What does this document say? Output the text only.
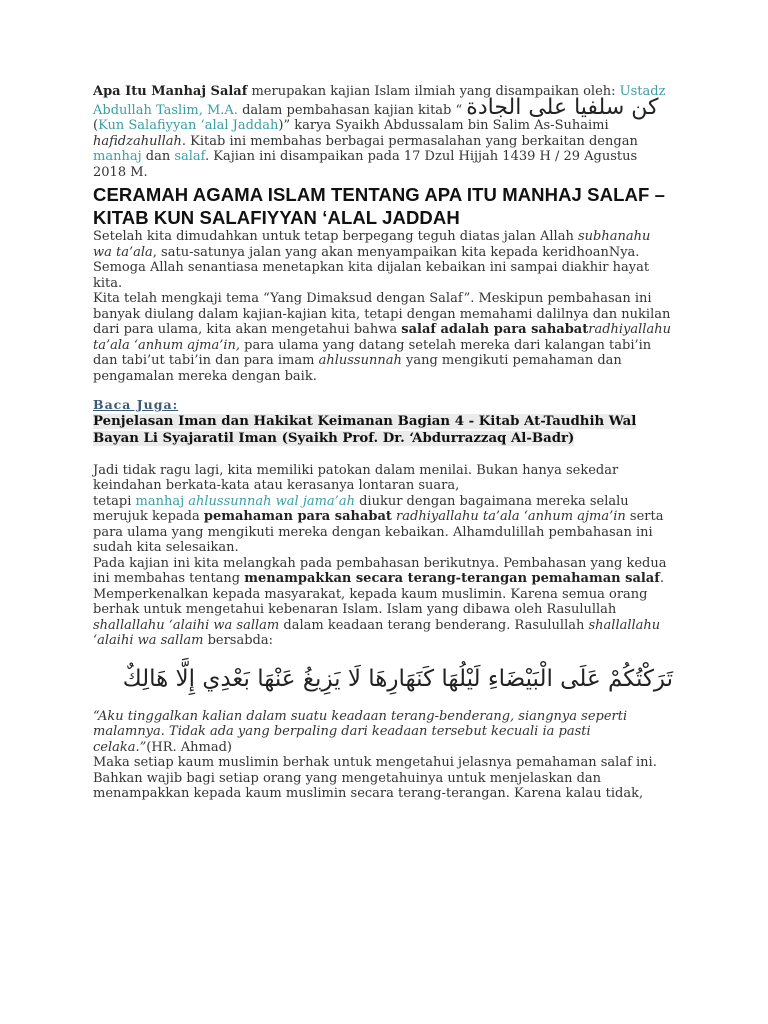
Apa Itu Manhaj Salaf merupakan kajian Islam ilmiah yang disampaikan oleh: Ustadz Abdullah Taslim, M.A. dalam pembahasan kajian kitab “ كن سلفيا على الجادة (Kun Salafiyyan ‘alal Jaddah)” karya Syaikh Abdussalam bin Salim As-Suhaimi hafidzahullah. Kitab ini membahas berbagai permasalahan yang berkaitan dengan manhaj dan salaf. Kajian ini disampaikan pada 17 Dzul Hijjah 1439 H / 29 Agustus 2018 M.

CERAMAH AGAMA ISLAM TENTANG APA ITU MANHAJ SALAF – KITAB KUN SALAFIYYAN ‘ALAL JADDAH

Setelah kita dimudahkan untuk tetap berpegang teguh diatas jalan Allah subhanahu wa ta’ala, satu-satunya jalan yang akan menyampaikan kita kepada keridhoanNya. Semoga Allah senantiasa menetapkan kita dijalan kebaikan ini sampai diakhir hayat kita.

Kita telah mengkaji tema “Yang Dimaksud dengan Salaf”. Meskipun pembahasan ini banyak diulang dalam kajian-kajian kita, tetapi dengan memahami dalilnya dan nukilan dari para ulama, kita akan mengetahui bahwa salaf adalah para sahabatradhiyallahu ta’ala ‘anhum ajma’in, para ulama yang datang setelah mereka dari kalangan tabi’in dan tabi’ut tabi’in dan para imam ahlussunnah yang mengikuti pemahaman dan pengamalan mereka dengan baik.

Baca Juga:
Penjelasan Iman dan Hakikat Keimanan Bagian 4 - Kitab At-Taudhih Wal Bayan Li Syajaratil Iman (Syaikh Prof. Dr. ‘Abdurrazzaq Al-Badr)

Jadi tidak ragu lagi, kita memiliki patokan dalam menilai. Bukan hanya sekedar keindahan berkata-kata atau kerasanya lontaran suara,
tetapi manhaj ahlussunnah wal jama’ah diukur dengan bagaimana mereka selalu merujuk kepada pemahaman para sahabat radhiyallahu ta’ala ‘anhum ajma’in serta para ulama yang mengikuti mereka dengan kebaikan. Alhamdulillah pembahasan ini sudah kita selesaikan.

Pada kajian ini kita melangkah pada pembahasan berikutnya. Pembahasan yang kedua ini membahas tentang menampakkan secara terang-terangan pemahaman salaf. Memperkenalkan kepada masyarakat, kepada kaum muslimin. Karena semua orang berhak untuk mengetahui kebenaran Islam. Islam yang dibawa oleh Rasulullah shallallahu ‘alaihi wa sallam dalam keadaan terang benderang. Rasulullah shallallahu ‘alaihi wa sallam bersabda:

تَرَكْتُكُمْ عَلَى الْبَيْضَاءِ لَيْلُهَا كَنَهَارِهَا لَا يَزِيغُ عَنْهَا بَعْدِي إِلَّا هَالِكٌ

“Aku tinggalkan kalian dalam suatu keadaan terang-benderang, siangnya seperti malamnya. Tidak ada yang berpaling dari keadaan tersebut kecuali ia pasti celaka.”(HR. Ahmad)

Maka setiap kaum muslimin berhak untuk mengetahui jelasnya pemahaman salaf ini. Bahkan wajib bagi setiap orang yang mengetahuinya untuk menjelaskan dan menampakkan kepada kaum muslimin secara terang-terangan. Karena kalau tidak,
